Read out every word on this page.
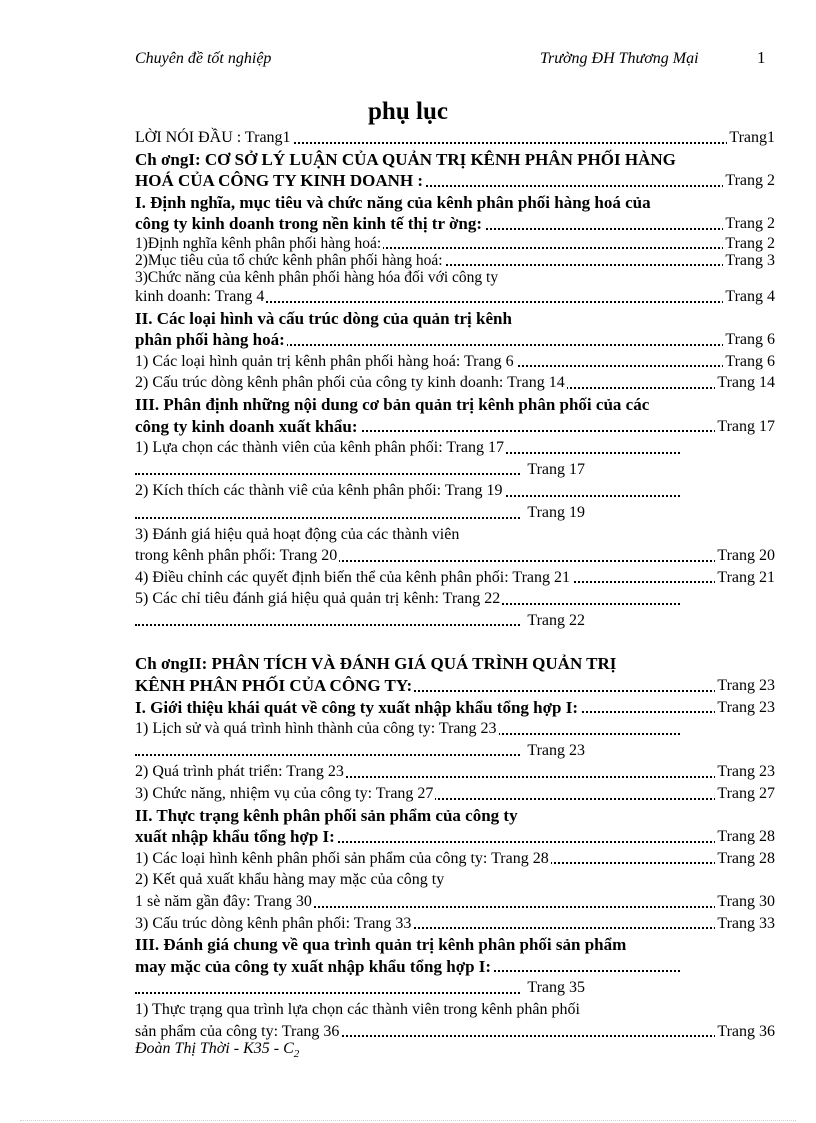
Chuyên đề tốt nghiệp	Trường ĐH Thương Mại	1
phụ lục
LỜI NÓI ĐẦU : Trang1	Trang1
Ch ơngI: CƠ SỞ LÝ LUẬN CỦA QUẢN TRỊ KÊNH PHÂN PHỐI HÀNG
HOÁ CỦA CÔNG TY KINH DOANH :	Trang 2
I. Định nghĩa, mục tiêu và chức năng của kênh phân phối hàng hoá của
công ty kinh doanh trong nền kinh tế thị tr ờng:	Trang 2
1)Định nghĩa kênh phân phối hàng hoá:	Trang 2
2)Mục tiêu của tổ chức kênh phân phối hàng hoá:	Trang 3
3)Chức năng của kênh phân phối hàng hóa đối với công ty
kinh doanh: Trang 4	Trang 4
II. Các loại hình và cấu trúc dòng của quản trị kênh
phân phối hàng hoá:	Trang 6
1) Các loại hình quản trị kênh phân phối hàng hoá: Trang 6	Trang 6
2) Cấu trúc dòng kênh phân phối của công ty kinh doanh: Trang 14	Trang 14
III. Phân định những nội dung cơ bản quản trị kênh phân phối của các
công ty kinh doanh xuất khẩu:	Trang 17
1) Lựa chọn các thành viên của kênh phân phối: Trang 17
Trang 17
2) Kích thích các thành viê của kênh phân phối: Trang 19
Trang 19
3) Đánh giá hiệu quả hoạt động của các thành viên
trong kênh phân phối: Trang 20	Trang 20
4) Điều chỉnh các quyết định biến thể của kênh phân phối: Trang 21	Trang 21
5) Các chỉ tiêu đánh giá hiệu quả quản trị kênh: Trang 22
Trang 22
Ch ơngII: PHÂN TÍCH VÀ ĐÁNH GIÁ QUÁ TRÌNH QUẢN TRỊ
KÊNH PHÂN PHỐI CỦA CÔNG TY:	Trang 23
I. Giới thiệu khái quát về công ty xuất nhập khẩu tổng hợp I:	Trang 23
1) Lịch sử và quá trình hình thành của công ty: Trang 23
Trang 23
2) Quá trình phát triển: Trang 23	Trang 23
3) Chức năng, nhiệm vụ của công ty: Trang 27	Trang 27
II. Thực trạng kênh phân phối sản phẩm của công ty
xuất nhập khẩu tổng hợp I:	Trang 28
1) Các loại hình kênh phân phối sản phẩm của công ty: Trang 28	Trang 28
2) Kết quả xuất khẩu hàng may mặc của công ty
1 sè năm gần đây: Trang 30	Trang 30
3) Cấu trúc dòng kênh phân phối: Trang 33	Trang 33
III. Đánh giá chung về qua trình quản trị kênh phân phối sản phẩm
may mặc của công ty xuất nhập khẩu tổng hợp I:
Trang 35
1) Thực trạng qua trình lựa chọn các thành viên trong kênh phân phối
sản phẩm của công ty: Trang 36	Trang 36
Đoàn Thị Thời - $K35 - C_2$
